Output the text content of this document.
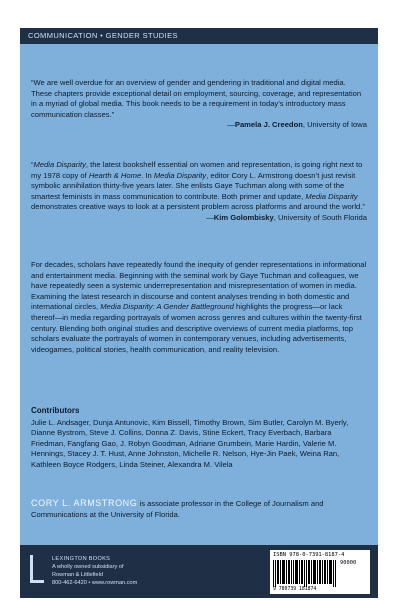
COMMUNICATION • GENDER STUDIES

“We are well overdue for an overview of gender and gendering in traditional and digital media. These chapters provide exceptional detail on employment, sourcing, coverage, and representation in a myriad of global media. This book needs to be a requirement in today’s introductory mass communication classes.”

—Pamela J. Creedon, University of Iowa

“Media Disparity, the latest bookshelf essential on women and representation, is going right next to my 1978 copy of Hearth & Home. In Media Disparity, editor Cory L. Armstrong doesn’t just revisit symbolic annihilation thirty-five years later. She enlists Gaye Tuchman along with some of the smartest feminists in mass communication to contribute. Both primer and update, Media Disparity demonstrates creative ways to look at a persistent problem across platforms and around the world.”

—Kim Golombisky, University of South Florida

For decades, scholars have repeatedly found the inequity of gender representations in informational and entertainment media. Beginning with the seminal work by Gaye Tuchman and colleagues, we have repeatedly seen a systemic underrepresentation and misrepresentation of women in media. Examining the latest research in discourse and content analyses trending in both domestic and international circles, Media Disparity: A Gender Battleground highlights the progress—or lack thereof—in media regarding portrayals of women across genres and cultures within the twenty-first century. Blending both original studies and descriptive overviews of current media platforms, top scholars evaluate the portrayals of women in contemporary venues, including advertisements, videogames, political stories, health communication, and reality television.

Contributors

Julie L. Andsager, Dunja Antunovic, Kim Bissell, Timothy Brown, Sim Butler, Carolyn M. Byerly, Dianne Bystrom, Steve J. Collins, Donna Z. Davis, Stine Eckert, Tracy Everbach, Barbara Friedman, Fangfang Gao, J. Robyn Goodman, Adriane Grumbein, Marie Hardin, Valerie M. Hennings, Stacey J. T. Hust, Anne Johnston, Michelle R. Nelson, Hye-Jin Paek, Weina Ran, Kathleen Boyce Rodgers, Linda Steiner, Alexandra M. Vilela

CORY L. ARMSTRONG is associate professor in the College of Journalism and Communications at the University of Florida.
LEXINGTON BOOKS
A wholly owned subsidiary of
Rowman & Littlefield
800-462-6420 • www.rowman.com
ISBN 978-0-7391-8187-4
90000
9 780739 181874
